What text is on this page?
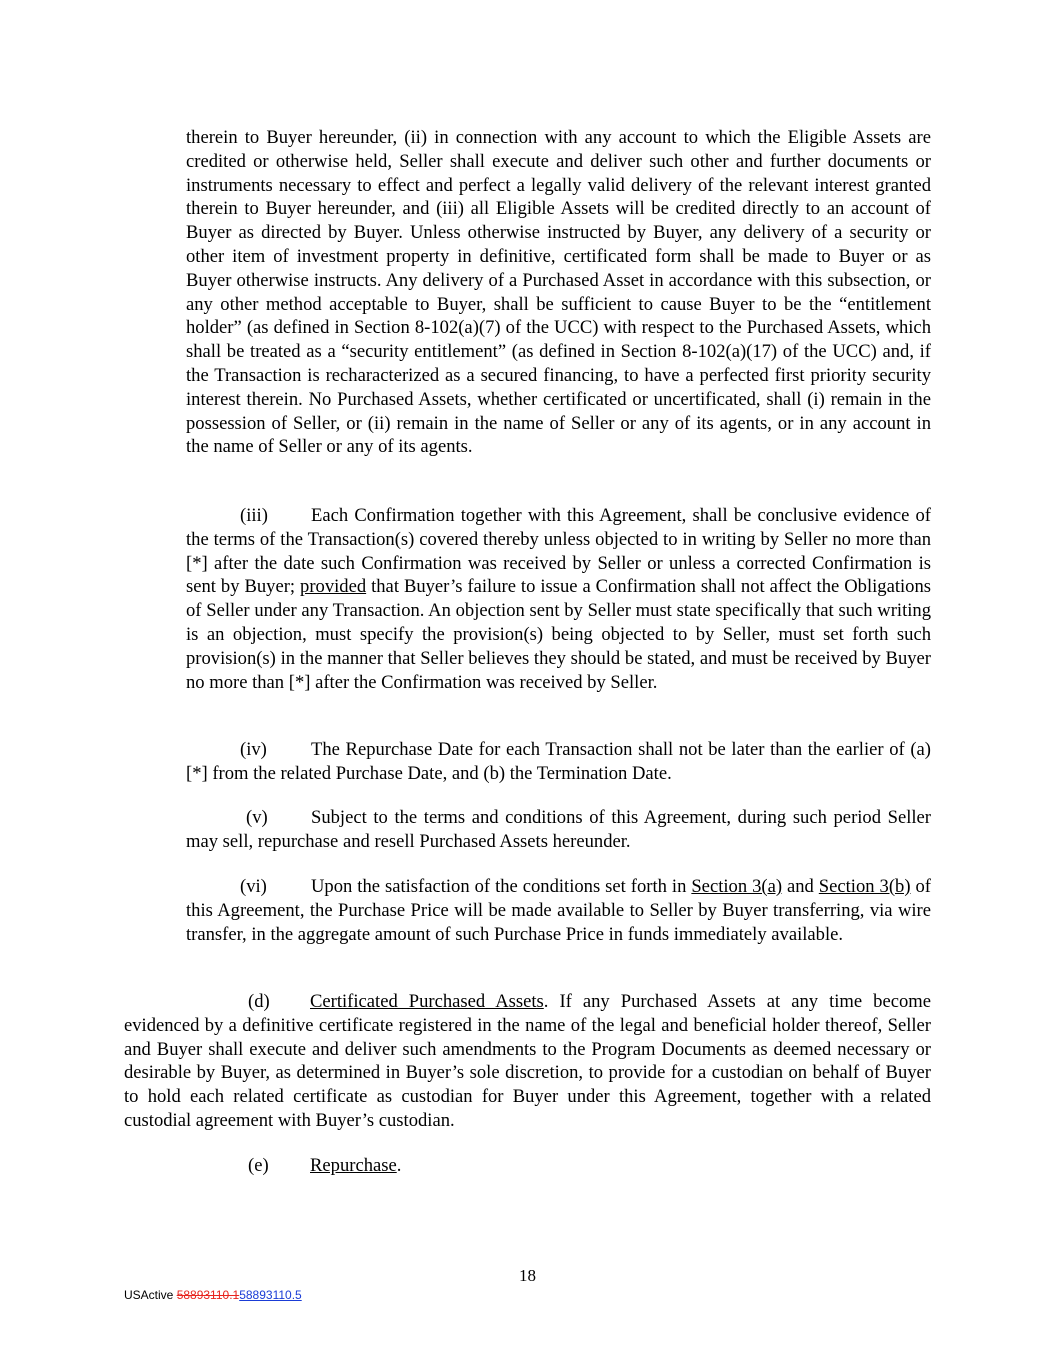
therein to Buyer hereunder, (ii) in connection with any account to which the Eligible Assets are credited or otherwise held, Seller shall execute and deliver such other and further documents or instruments necessary to effect and perfect a legally valid delivery of the relevant interest granted therein to Buyer hereunder, and (iii) all Eligible Assets will be credited directly to an account of Buyer as directed by Buyer. Unless otherwise instructed by Buyer, any delivery of a security or other item of investment property in definitive, certificated form shall be made to Buyer or as Buyer otherwise instructs. Any delivery of a Purchased Asset in accordance with this subsection, or any other method acceptable to Buyer, shall be sufficient to cause Buyer to be the “entitlement holder” (as defined in Section 8-102(a)(7) of the UCC) with respect to the Purchased Assets, which shall be treated as a “security entitlement” (as defined in Section 8-102(a)(17) of the UCC) and, if the Transaction is recharacterized as a secured financing, to have a perfected first priority security interest therein. No Purchased Assets, whether certificated or uncertificated, shall (i) remain in the possession of Seller, or (ii) remain in the name of Seller or any of its agents, or in any account in the name of Seller or any of its agents.

(iii) Each Confirmation together with this Agreement, shall be conclusive evidence of the terms of the Transaction(s) covered thereby unless objected to in writing by Seller no more than [*] after the date such Confirmation was received by Seller or unless a corrected Confirmation is sent by Buyer; provided that Buyer’s failure to issue a Confirmation shall not affect the Obligations of Seller under any Transaction. An objection sent by Seller must state specifically that such writing is an objection, must specify the provision(s) being objected to by Seller, must set forth such provision(s) in the manner that Seller believes they should be stated, and must be received by Buyer no more than [*] after the Confirmation was received by Seller.

(iv) The Repurchase Date for each Transaction shall not be later than the earlier of (a) [*] from the related Purchase Date, and (b) the Termination Date.

(v) Subject to the terms and conditions of this Agreement, during such period Seller may sell, repurchase and resell Purchased Assets hereunder.

(vi) Upon the satisfaction of the conditions set forth in Section 3(a) and Section 3(b) of this Agreement, the Purchase Price will be made available to Seller by Buyer transferring, via wire transfer, in the aggregate amount of such Purchase Price in funds immediately available.

(d) Certificated Purchased Assets. If any Purchased Assets at any time become evidenced by a definitive certificate registered in the name of the legal and beneficial holder thereof, Seller and Buyer shall execute and deliver such amendments to the Program Documents as deemed necessary or desirable by Buyer, as determined in Buyer’s sole discretion, to provide for a custodian on behalf of Buyer to hold each related certificate as custodian for Buyer under this Agreement, together with a related custodial agreement with Buyer’s custodian.

(e) Repurchase.

18
USActive 58893110.158893110.5
